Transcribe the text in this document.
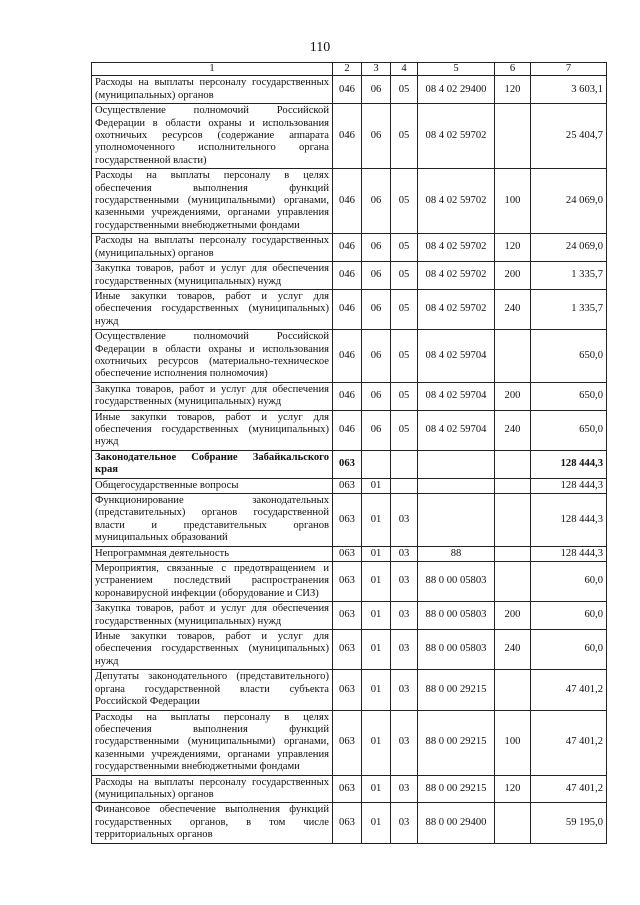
110
1	2	3	4	5	6	7
Расходы на выплаты персоналу государственных (муниципальных) органов	046	06	05	08 4 02 29400	120	3 603,1
Осуществление полномочий Российской Федерации в области охраны и использования охотничьих ресурсов (содержание аппарата уполномоченного исполнительного органа государственной власти)	046	06	05	08 4 02 59702		25 404,7
Расходы на выплаты персоналу в целях обеспечения выполнения функций государственными (муниципальными) органами, казенными учреждениями, органами управления государственными внебюджетными фондами	046	06	05	08 4 02 59702	100	24 069,0
Расходы на выплаты персоналу государственных (муниципальных) органов	046	06	05	08 4 02 59702	120	24 069,0
Закупка товаров, работ и услуг для обеспечения государственных (муниципальных) нужд	046	06	05	08 4 02 59702	200	1 335,7
Иные закупки товаров, работ и услуг для обеспечения государственных (муниципальных) нужд	046	06	05	08 4 02 59702	240	1 335,7
Осуществление полномочий Российской Федерации в области охраны и использования охотничьих ресурсов (материально-техническое обеспечение исполнения полномочия)	046	06	05	08 4 02 59704		650,0
Закупка товаров, работ и услуг для обеспечения государственных (муниципальных) нужд	046	06	05	08 4 02 59704	200	650,0
Иные закупки товаров, работ и услуг для обеспечения государственных (муниципальных) нужд	046	06	05	08 4 02 59704	240	650,0
Законодательное Собрание Забайкальского края	063					128 444,3
Общегосударственные вопросы	063	01				128 444,3
Функционирование законодательных (представительных) органов государственной власти и представительных органов муниципальных образований	063	01	03			128 444,3
Непрограммная деятельность	063	01	03	88		128 444,3
Мероприятия, связанные с предотвращением и устранением последствий распространения коронавирусной инфекции (оборудование и СИЗ)	063	01	03	88 0 00 05803		60,0
Закупка товаров, работ и услуг для обеспечения государственных (муниципальных) нужд	063	01	03	88 0 00 05803	200	60,0
Иные закупки товаров, работ и услуг для обеспечения государственных (муниципальных) нужд	063	01	03	88 0 00 05803	240	60,0
Депутаты законодательного (представительного) органа государственной власти субъекта Российской Федерации	063	01	03	88 0 00 29215		47 401,2
Расходы на выплаты персоналу в целях обеспечения выполнения функций государственными (муниципальными) органами, казенными учреждениями, органами управления государственными внебюджетными фондами	063	01	03	88 0 00 29215	100	47 401,2
Расходы на выплаты персоналу государственных (муниципальных) органов	063	01	03	88 0 00 29215	120	47 401,2
Финансовое обеспечение выполнения функций государственных органов, в том числе территориальных органов	063	01	03	88 0 00 29400		59 195,0
